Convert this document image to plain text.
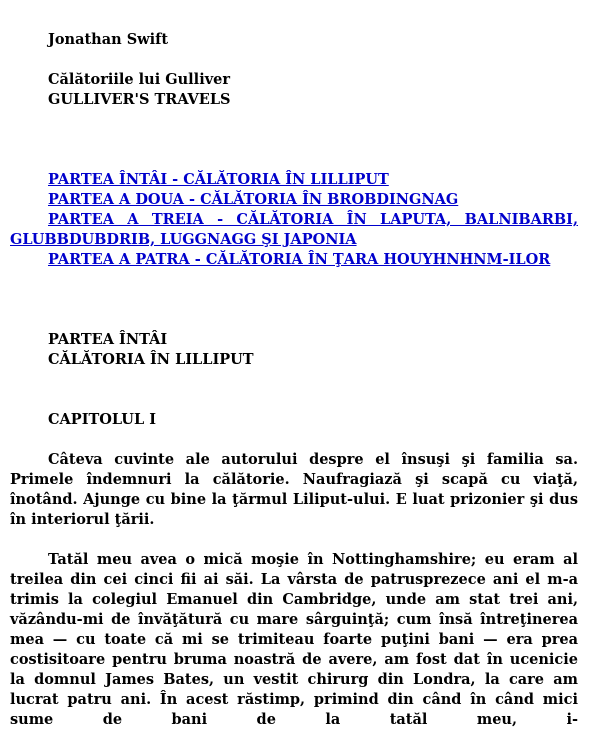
Jonathan Swift
Călătoriile lui Gulliver
GULLIVER'S TRAVELS
PARTEA ÎNTÂI - CĂLĂTORIA ÎN LILLIPUT
PARTEA A DOUA - CĂLĂTORIA ÎN BROBDINGNAG
PARTEA A TREIA - CĂLĂTORIA ÎN LAPUTA, BALNIBARBI, GLUBBDUBDRIB, LUGGNAGG ŞI JAPONIA
PARTEA A PATRA - CĂLĂTORIA ÎN ŢARA HOUYHNHNM-ILOR
PARTEA ÎNTÂI
CĂLĂTORIA ÎN LILLIPUT
CAPITOLUL I

Câteva cuvinte ale autorului despre el însuşi şi familia sa. Primele îndemnuri la călătorie. Naufragiază şi scapă cu viaţă, înotând. Ajunge cu bine la ţărmul Liliput-ului. E luat prizonier şi dus în interiorul ţării.

Tatăl meu avea o mică moşie în Nottinghamshire; eu eram al treilea din cei cinci fii ai săi. La vârsta de patrusprezece ani el m-a trimis la colegiul Emanuel din Cambridge, unde am stat trei ani, văzându-mi de învăţătură cu mare sârguinţă; cum însă întreţinerea mea — cu toate că mi se trimiteau foarte puţini bani — era prea costisitoare pentru bruma noastră de avere, am fost dat în ucenicie la domnul James Bates, un vestit chirurg din Londra, la care am lucrat patru ani. În acest răstimp, primind din când în când mici sume de bani de la tatăl meu, i-
